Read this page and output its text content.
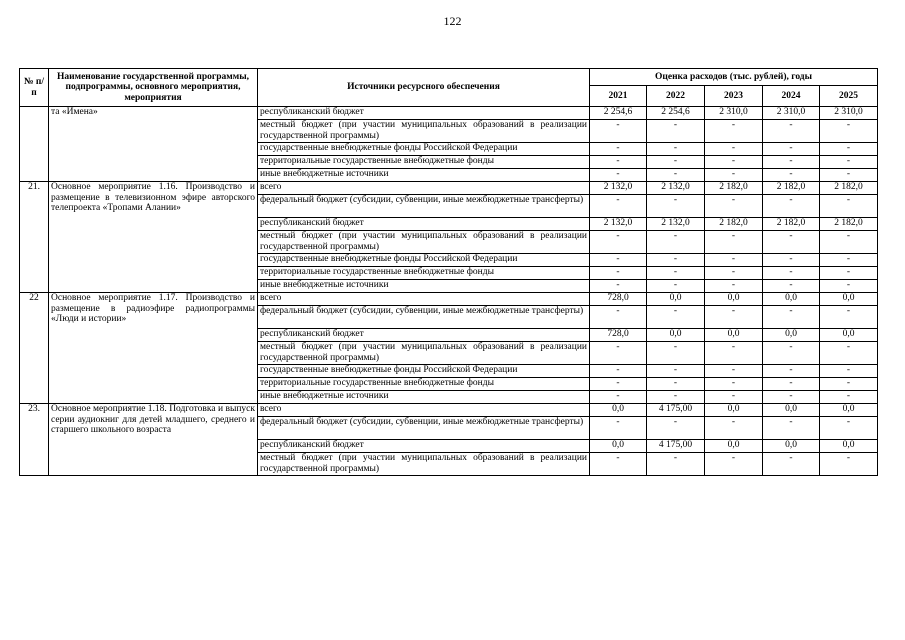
122
№ п/п	Наименование государственной программы, подпрограммы, основного мероприятия, мероприятия	Источники ресурсного обеспечения	Оценка расходов (тыс. рублей), годы				
			2021	2022	2023	2024	2025
	та «Имена»	республиканский бюджет	2 254,6	2 254,6	2 310,0	2 310,0	2 310,0
		местный бюджет (при участии муниципальных образований в реализации государственной программы)	-	-	-	-	-
		государственные внебюджетные фонды Российской Федерации	-	-	-	-	-
		территориальные государственные внебюджетные фонды	-	-	-	-	-
		иные внебюджетные источники	-	-	-	-	-
21.	Основное мероприятие 1.16. Производство и размещение в телевизионном эфире авторского телепроекта «Тропами Алании»	всего	2 132,0	2 132,0	2 182,0	2 182,0	2 182,0
		федеральный бюджет (субсидии, субвенции, иные межбюджетные трансферты)	-	-	-	-	-
		республиканский бюджет	2 132,0	2 132,0	2 182,0	2 182,0	2 182,0
		местный бюджет (при участии муниципальных образований в реализации государственной программы)	-	-	-	-	-
		государственные внебюджетные фонды Российской Федерации	-	-	-	-	-
		территориальные государственные внебюджетные фонды	-	-	-	-	-
		иные внебюджетные источники	-	-	-	-	-
22	Основное мероприятие 1.17. Производство и размещение в радиоэфире радиопрограммы «Люди и истории»	всего	728,0	0,0	0,0	0,0	0,0
		федеральный бюджет (субсидии, субвенции, иные межбюджетные трансферты)	-	-	-	-	-
		республиканский бюджет	728,0	0,0	0,0	0,0	0,0
		местный бюджет (при участии муниципальных образований в реализации государственной программы)	-	-	-	-	-
		государственные внебюджетные фонды Российской Федерации	-	-	-	-	-
		территориальные государственные внебюджетные фонды	-	-	-	-	-
		иные внебюджетные источники	-	-	-	-	-
23.	Основное мероприятие 1.18. Подготовка и выпуск серии аудиокниг для детей младшего, среднего и старшего школьного возраста	всего	0,0	4 175,00	0,0	0,0	0,0
		федеральный бюджет (субсидии, субвенции, иные межбюджетные трансферты)	-	-	-	-	-
		республиканский бюджет	0,0	4 175,00	0,0	0,0	0,0
		местный бюджет (при участии муниципальных образований в реализации государственной программы)	-	-	-	-	-
